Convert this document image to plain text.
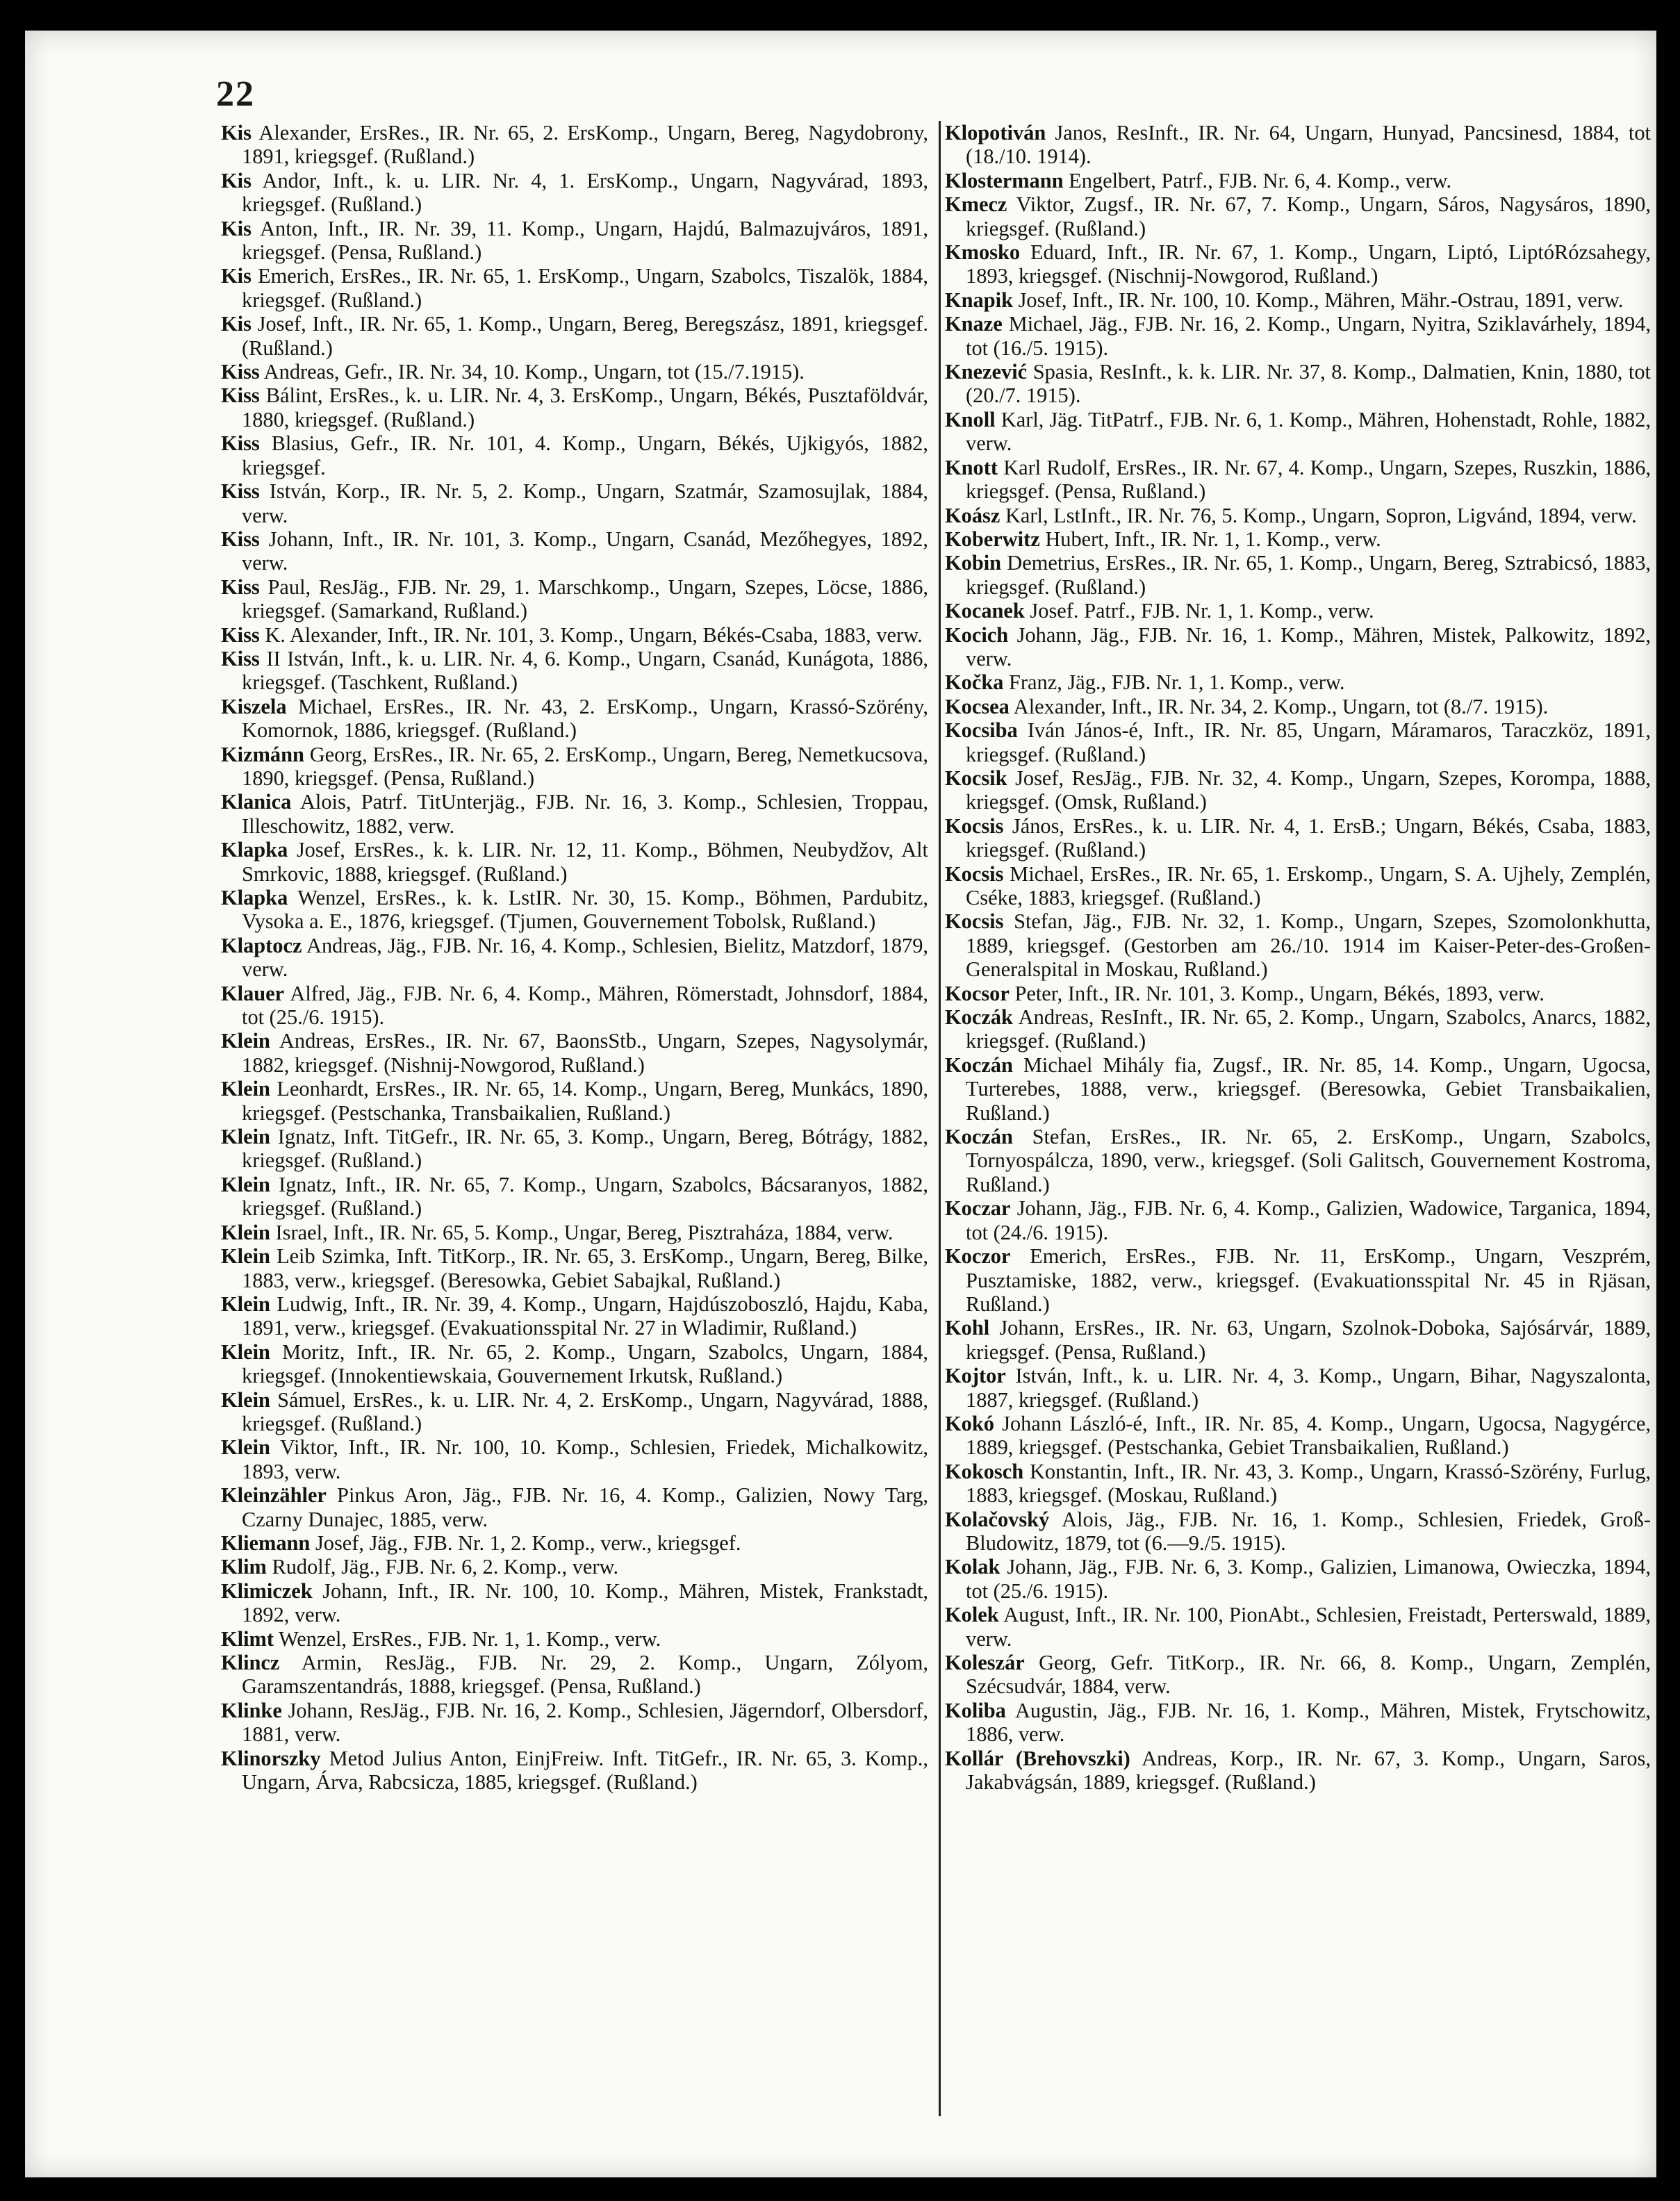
22

Kis Alexander, ErsRes., IR. Nr. 65, 2. ErsKomp., Ungarn, Bereg, Nagydobrony, 1891, kriegsgef. (Rußland.)

Kis Andor, Inft., k. u. LIR. Nr. 4, 1. ErsKomp., Ungarn, Nagyvárad, 1893, kriegsgef. (Rußland.)

Kis Anton, Inft., IR. Nr. 39, 11. Komp., Ungarn, Hajdú, Balmazujváros, 1891, kriegsgef. (Pensa, Rußland.)

Kis Emerich, ErsRes., IR. Nr. 65, 1. ErsKomp., Ungarn, Szabolcs, Tiszalök, 1884, kriegsgef. (Rußland.)

Kis Josef, Inft., IR. Nr. 65, 1. Komp., Ungarn, Bereg, Beregszász, 1891, kriegsgef. (Rußland.)

Kiss Andreas, Gefr., IR. Nr. 34, 10. Komp., Ungarn, tot (15./7.1915).

Kiss Bálint, ErsRes., k. u. LIR. Nr. 4, 3. ErsKomp., Ungarn, Békés, Pusztaföldvár, 1880, kriegsgef. (Rußland.)

Kiss Blasius, Gefr., IR. Nr. 101, 4. Komp., Ungarn, Békés, Ujkigyós, 1882, kriegsgef.

Kiss István, Korp., IR. Nr. 5, 2. Komp., Ungarn, Szatmár, Szamosujlak, 1884, verw.

Kiss Johann, Inft., IR. Nr. 101, 3. Komp., Ungarn, Csanád, Mezőhegyes, 1892, verw.

Kiss Paul, ResJäg., FJB. Nr. 29, 1. Marschkomp., Ungarn, Szepes, Löcse, 1886, kriegsgef. (Samarkand, Rußland.)

Kiss K. Alexander, Inft., IR. Nr. 101, 3. Komp., Ungarn, Békés-Csaba, 1883, verw.

Kiss II István, Inft., k. u. LIR. Nr. 4, 6. Komp., Ungarn, Csanád, Kunágota, 1886, kriegsgef. (Taschkent, Rußland.)

Kiszela Michael, ErsRes., IR. Nr. 43, 2. ErsKomp., Ungarn, Krassó-Szörény, Komornok, 1886, kriegsgef. (Rußland.)

Kizmánn Georg, ErsRes., IR. Nr. 65, 2. ErsKomp., Ungarn, Bereg, Nemetkucsova, 1890, kriegsgef. (Pensa, Rußland.)

Klanica Alois, Patrf. TitUnterjäg., FJB. Nr. 16, 3. Komp., Schlesien, Troppau, Illeschowitz, 1882, verw.

Klapka Josef, ErsRes., k. k. LIR. Nr. 12, 11. Komp., Böhmen, Neubydžov, Alt Smrkovic, 1888, kriegsgef. (Rußland.)

Klapka Wenzel, ErsRes., k. k. LstIR. Nr. 30, 15. Komp., Böhmen, Pardubitz, Vysoka a. E., 1876, kriegsgef. (Tjumen, Gouvernement Tobolsk, Rußland.)

Klaptocz Andreas, Jäg., FJB. Nr. 16, 4. Komp., Schlesien, Bielitz, Matzdorf, 1879, verw.

Klauer Alfred, Jäg., FJB. Nr. 6, 4. Komp., Mähren, Römerstadt, Johnsdorf, 1884, tot (25./6. 1915).

Klein Andreas, ErsRes., IR. Nr. 67, BaonsStb., Ungarn, Szepes, Nagysolymár, 1882, kriegsgef. (Nishnij-Nowgorod, Rußland.)

Klein Leonhardt, ErsRes., IR. Nr. 65, 14. Komp., Ungarn, Bereg, Munkács, 1890, kriegsgef. (Pestschanka, Transbaikalien, Rußland.)

Klein Ignatz, Inft. TitGefr., IR. Nr. 65, 3. Komp., Ungarn, Bereg, Bótrágy, 1882, kriegsgef. (Rußland.)

Klein Ignatz, Inft., IR. Nr. 65, 7. Komp., Ungarn, Szabolcs, Bácsaranyos, 1882, kriegsgef. (Rußland.)

Klein Israel, Inft., IR. Nr. 65, 5. Komp., Ungar, Bereg, Pisztraháza, 1884, verw.

Klein Leib Szimka, Inft. TitKorp., IR. Nr. 65, 3. ErsKomp., Ungarn, Bereg, Bilke, 1883, verw., kriegsgef. (Beresowka, Gebiet Sabajkal, Rußland.)

Klein Ludwig, Inft., IR. Nr. 39, 4. Komp., Ungarn, Hajdúszoboszló, Hajdu, Kaba, 1891, verw., kriegsgef. (Evakuationsspital Nr. 27 in Wladimir, Rußland.)

Klein Moritz, Inft., IR. Nr. 65, 2. Komp., Ungarn, Szabolcs, Ungarn, 1884, kriegsgef. (Innokentiewskaia, Gouvernement Irkutsk, Rußland.)

Klein Sámuel, ErsRes., k. u. LIR. Nr. 4, 2. ErsKomp., Ungarn, Nagyvárad, 1888, kriegsgef. (Rußland.)

Klein Viktor, Inft., IR. Nr. 100, 10. Komp., Schlesien, Friedek, Michalkowitz, 1893, verw.

Kleinzähler Pinkus Aron, Jäg., FJB. Nr. 16, 4. Komp., Galizien, Nowy Targ, Czarny Dunajec, 1885, verw.

Kliemann Josef, Jäg., FJB. Nr. 1, 2. Komp., verw., kriegsgef.

Klim Rudolf, Jäg., FJB. Nr. 6, 2. Komp., verw.

Klimiczek Johann, Inft., IR. Nr. 100, 10. Komp., Mähren, Mistek, Frankstadt, 1892, verw.

Klimt Wenzel, ErsRes., FJB. Nr. 1, 1. Komp., verw.

Klincz Armin, ResJäg., FJB. Nr. 29, 2. Komp., Ungarn, Zólyom, Garamszentandrás, 1888, kriegsgef. (Pensa, Rußland.)

Klinke Johann, ResJäg., FJB. Nr. 16, 2. Komp., Schlesien, Jägerndorf, Olbersdorf, 1881, verw.

Klinorszky Metod Julius Anton, EinjFreiw. Inft. TitGefr., IR. Nr. 65, 3. Komp., Ungarn, Árva, Rabcsicza, 1885, kriegsgef. (Rußland.)

Klopotiván Janos, ResInft., IR. Nr. 64, Ungarn, Hunyad, Pancsinesd, 1884, tot (18./10. 1914).

Klostermann Engelbert, Patrf., FJB. Nr. 6, 4. Komp., verw.

Kmecz Viktor, Zugsf., IR. Nr. 67, 7. Komp., Ungarn, Sáros, Nagysáros, 1890, kriegsgef. (Rußland.)

Kmosko Eduard, Inft., IR. Nr. 67, 1. Komp., Ungarn, Liptó, LiptóRózsahegy, 1893, kriegsgef. (Nischnij-Nowgorod, Rußland.)

Knapik Josef, Inft., IR. Nr. 100, 10. Komp., Mähren, Mähr.-Ostrau, 1891, verw.

Knaze Michael, Jäg., FJB. Nr. 16, 2. Komp., Ungarn, Nyitra, Sziklavárhely, 1894, tot (16./5. 1915).

Knezević Spasia, ResInft., k. k. LIR. Nr. 37, 8. Komp., Dalmatien, Knin, 1880, tot (20./7. 1915).

Knoll Karl, Jäg. TitPatrf., FJB. Nr. 6, 1. Komp., Mähren, Hohenstadt, Rohle, 1882, verw.

Knott Karl Rudolf, ErsRes., IR. Nr. 67, 4. Komp., Ungarn, Szepes, Ruszkin, 1886, kriegsgef. (Pensa, Rußland.)

Koász Karl, LstInft., IR. Nr. 76, 5. Komp., Ungarn, Sopron, Ligvánd, 1894, verw.

Koberwitz Hubert, Inft., IR. Nr. 1, 1. Komp., verw.

Kobin Demetrius, ErsRes., IR. Nr. 65, 1. Komp., Ungarn, Bereg, Sztrabicsó, 1883, kriegsgef. (Rußland.)

Kocanek Josef. Patrf., FJB. Nr. 1, 1. Komp., verw.

Kocich Johann, Jäg., FJB. Nr. 16, 1. Komp., Mähren, Mistek, Palkowitz, 1892, verw.

Kočka Franz, Jäg., FJB. Nr. 1, 1. Komp., verw.

Kocsea Alexander, Inft., IR. Nr. 34, 2. Komp., Ungarn, tot (8./7. 1915).

Kocsiba Iván János-é, Inft., IR. Nr. 85, Ungarn, Máramaros, Taraczköz, 1891, kriegsgef. (Rußland.)

Kocsik Josef, ResJäg., FJB. Nr. 32, 4. Komp., Ungarn, Szepes, Korompa, 1888, kriegsgef. (Omsk, Rußland.)

Kocsis János, ErsRes., k. u. LIR. Nr. 4, 1. ErsB.; Ungarn, Békés, Csaba, 1883, kriegsgef. (Rußland.)

Kocsis Michael, ErsRes., IR. Nr. 65, 1. Erskomp., Ungarn, S. A. Ujhely, Zemplén, Cséke, 1883, kriegsgef. (Rußland.)

Kocsis Stefan, Jäg., FJB. Nr. 32, 1. Komp., Ungarn, Szepes, Szomolonkhutta, 1889, kriegsgef. (Gestorben am 26./10. 1914 im Kaiser-Peter-des-Großen-Generalspital in Moskau, Rußland.)

Kocsor Peter, Inft., IR. Nr. 101, 3. Komp., Ungarn, Békés, 1893, verw.

Koczák Andreas, ResInft., IR. Nr. 65, 2. Komp., Ungarn, Szabolcs, Anarcs, 1882, kriegsgef. (Rußland.)

Koczán Michael Mihály fia, Zugsf., IR. Nr. 85, 14. Komp., Ungarn, Ugocsa, Turterebes, 1888, verw., kriegsgef. (Beresowka, Gebiet Transbaikalien, Rußland.)

Koczán Stefan, ErsRes., IR. Nr. 65, 2. ErsKomp., Ungarn, Szabolcs, Tornyospálcza, 1890, verw., kriegsgef. (Soli Galitsch, Gouvernement Kostroma, Rußland.)

Koczar Johann, Jäg., FJB. Nr. 6, 4. Komp., Galizien, Wadowice, Targanica, 1894, tot (24./6. 1915).

Koczor Emerich, ErsRes., FJB. Nr. 11, ErsKomp., Ungarn, Veszprém, Pusztamiske, 1882, verw., kriegsgef. (Evakuationsspital Nr. 45 in Rjäsan, Rußland.)

Kohl Johann, ErsRes., IR. Nr. 63, Ungarn, Szolnok-Doboka, Sajósárvár, 1889, kriegsgef. (Pensa, Rußland.)

Kojtor István, Inft., k. u. LIR. Nr. 4, 3. Komp., Ungarn, Bihar, Nagyszalonta, 1887, kriegsgef. (Rußland.)

Kokó Johann László-é, Inft., IR. Nr. 85, 4. Komp., Ungarn, Ugocsa, Nagygérce, 1889, kriegsgef. (Pestschanka, Gebiet Transbaikalien, Rußland.)

Kokosch Konstantin, Inft., IR. Nr. 43, 3. Komp., Ungarn, Krassó-Szörény, Furlug, 1883, kriegsgef. (Moskau, Rußland.)

Kolačovský Alois, Jäg., FJB. Nr. 16, 1. Komp., Schlesien, Friedek, Groß-Bludowitz, 1879, tot (6.—9./5. 1915).

Kolak Johann, Jäg., FJB. Nr. 6, 3. Komp., Galizien, Limanowa, Owieczka, 1894, tot (25./6. 1915).

Kolek August, Inft., IR. Nr. 100, PionAbt., Schlesien, Freistadt, Perterswald, 1889, verw.

Koleszár Georg, Gefr. TitKorp., IR. Nr. 66, 8. Komp., Ungarn, Zemplén, Szécsudvár, 1884, verw.

Koliba Augustin, Jäg., FJB. Nr. 16, 1. Komp., Mähren, Mistek, Frytschowitz, 1886, verw.

Kollár (Brehovszki) Andreas, Korp., IR. Nr. 67, 3. Komp., Ungarn, Saros, Jakabvágsán, 1889, kriegsgef. (Rußland.)
